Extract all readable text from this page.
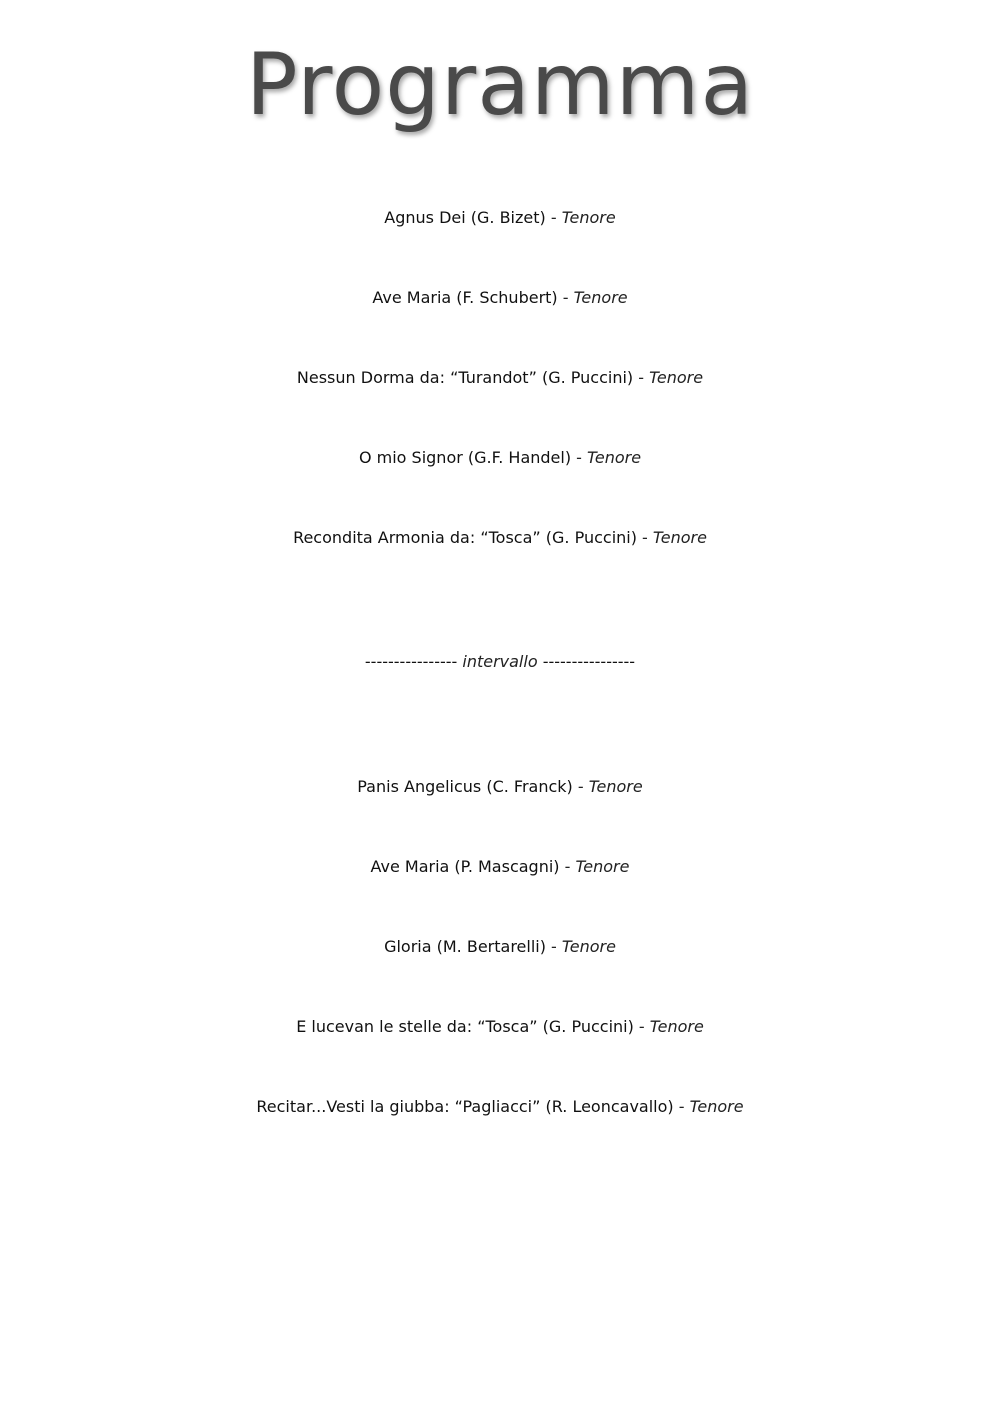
Programma
Agnus Dei (G. Bizet) - Tenore
Ave Maria (F. Schubert) - Tenore
Nessun Dorma da: “Turandot” (G. Puccini) - Tenore
O mio Signor (G.F. Handel) - Tenore
Recondita Armonia da: “Tosca” (G. Puccini) - Tenore
---------------- intervallo ----------------
Panis Angelicus (C. Franck) - Tenore
Ave Maria (P. Mascagni) - Tenore
Gloria (M. Bertarelli) - Tenore
E lucevan le stelle da: “Tosca” (G. Puccini) - Tenore
Recitar...Vesti la giubba: “Pagliacci” (R. Leoncavallo) - Tenore
